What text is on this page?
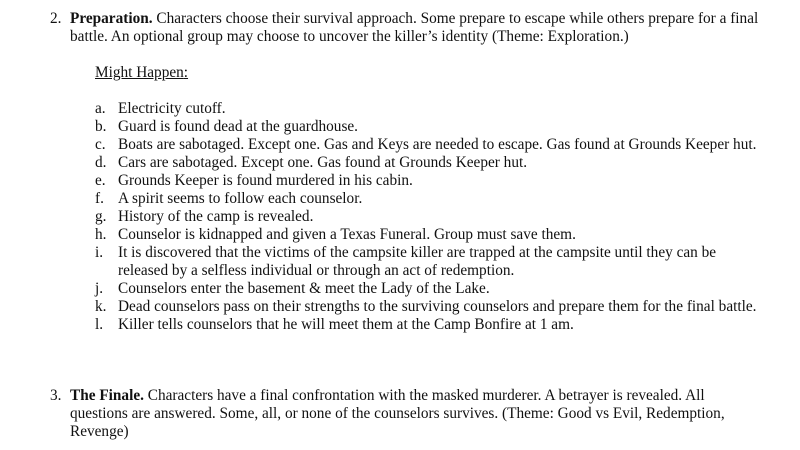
2. Preparation. Characters choose their survival approach. Some prepare to escape while others prepare for a final battle. An optional group may choose to uncover the killer’s identity (Theme: Exploration.)
Might Happen:
a. Electricity cutoff.
b. Guard is found dead at the guardhouse.
c. Boats are sabotaged. Except one. Gas and Keys are needed to escape. Gas found at Grounds Keeper hut.
d. Cars are sabotaged. Except one. Gas found at Grounds Keeper hut.
e. Grounds Keeper is found murdered in his cabin.
f. A spirit seems to follow each counselor.
g. History of the camp is revealed.
h. Counselor is kidnapped and given a Texas Funeral. Group must save them.
i. It is discovered that the victims of the campsite killer are trapped at the campsite until they can be released by a selfless individual or through an act of redemption.
j. Counselors enter the basement & meet the Lady of the Lake.
k. Dead counselors pass on their strengths to the surviving counselors and prepare them for the final battle.
l. Killer tells counselors that he will meet them at the Camp Bonfire at 1 am.
3. The Finale. Characters have a final confrontation with the masked murderer. A betrayer is revealed. All questions are answered. Some, all, or none of the counselors survives. (Theme: Good vs Evil, Redemption, Revenge)
